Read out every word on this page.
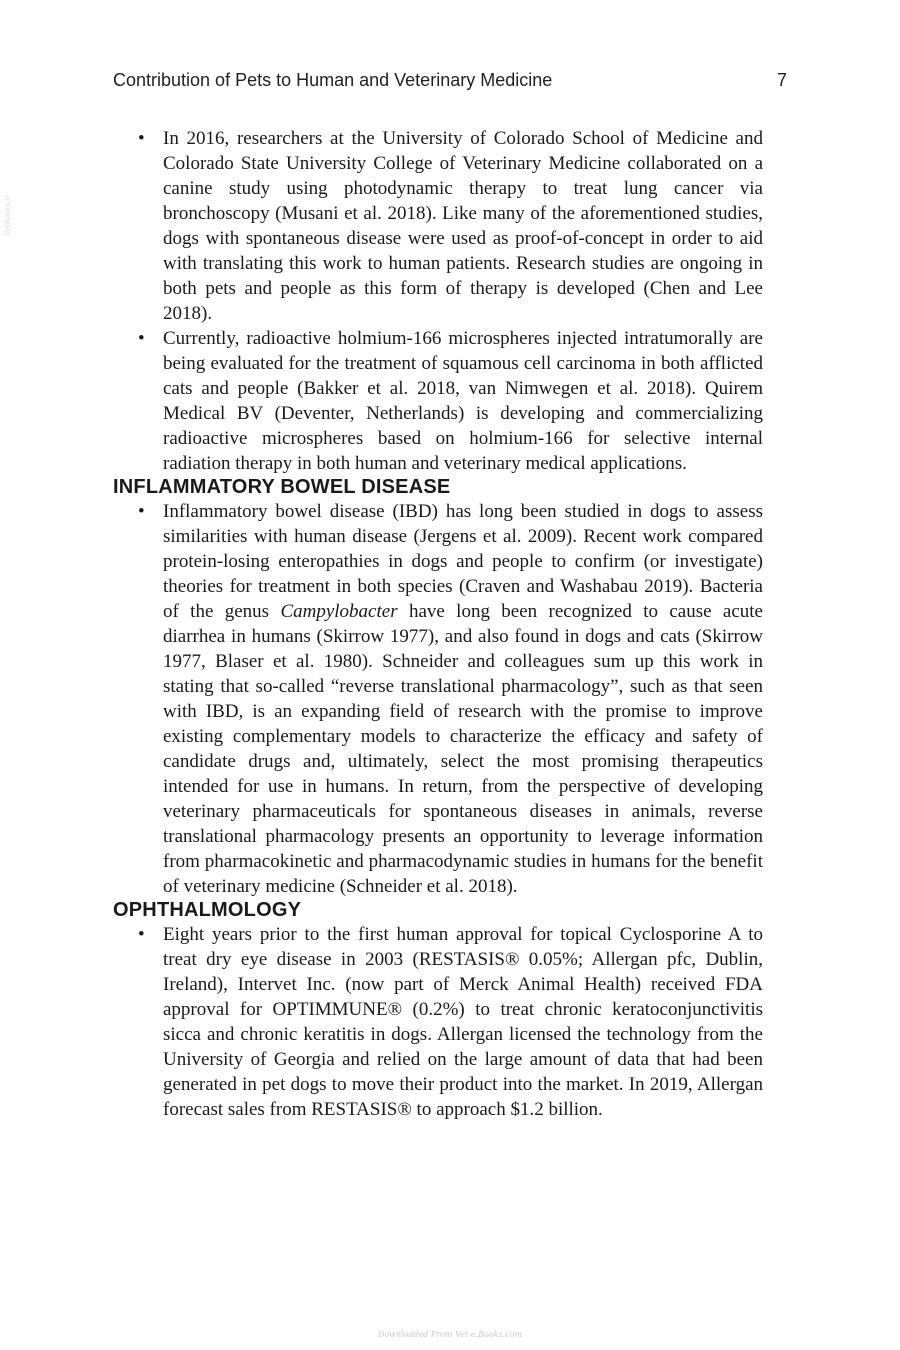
Contribution of Pets to Human and Veterinary Medicine	7
VetBooks.ir
• In 2016, researchers at the University of Colorado School of Medicine and Colorado State University College of Veterinary Medicine collaborated on a canine study using photodynamic therapy to treat lung cancer via bronchoscopy (Musani et al. 2018). Like many of the aforementioned studies, dogs with spontaneous disease were used as proof-of-concept in order to aid with translating this work to human patients. Research studies are ongoing in both pets and people as this form of therapy is developed (Chen and Lee 2018).
• Currently, radioactive holmium-166 microspheres injected intratumorally are being evaluated for the treatment of squamous cell carcinoma in both afflicted cats and people (Bakker et al. 2018, van Nimwegen et al. 2018). Quirem Medical BV (Deventer, Netherlands) is developing and commercializing radioactive microspheres based on holmium-166 for selective internal radiation therapy in both human and veterinary medical applications.
INFLAMMATORY BOWEL DISEASE
• Inflammatory bowel disease (IBD) has long been studied in dogs to assess similarities with human disease (Jergens et al. 2009). Recent work compared protein-losing enteropathies in dogs and people to confirm (or investigate) theories for treatment in both species (Craven and Washabau 2019). Bacteria of the genus Campylobacter have long been recognized to cause acute diarrhea in humans (Skirrow 1977), and also found in dogs and cats (Skirrow 1977, Blaser et al. 1980). Schneider and colleagues sum up this work in stating that so-called “reverse translational pharmacology”, such as that seen with IBD, is an expanding field of research with the promise to improve existing complementary models to characterize the efficacy and safety of candidate drugs and, ultimately, select the most promising therapeutics intended for use in humans. In return, from the perspective of developing veterinary pharmaceuticals for spontaneous diseases in animals, reverse translational pharmacology presents an opportunity to leverage information from pharmacokinetic and pharmacodynamic studies in humans for the benefit of veterinary medicine (Schneider et al. 2018).
OPHTHALMOLOGY
• Eight years prior to the first human approval for topical Cyclosporine A to treat dry eye disease in 2003 (RESTASIS® 0.05%; Allergan pfc, Dublin, Ireland), Intervet Inc. (now part of Merck Animal Health) received FDA approval for OPTIMMUNE® (0.2%) to treat chronic keratoconjunctivitis sicca and chronic keratitis in dogs. Allergan licensed the technology from the University of Georgia and relied on the large amount of data that had been generated in pet dogs to move their product into the market. In 2019, Allergan forecast sales from RESTASIS® to approach $1.2 billion.
Downloaded From Vet-e.Books.com
